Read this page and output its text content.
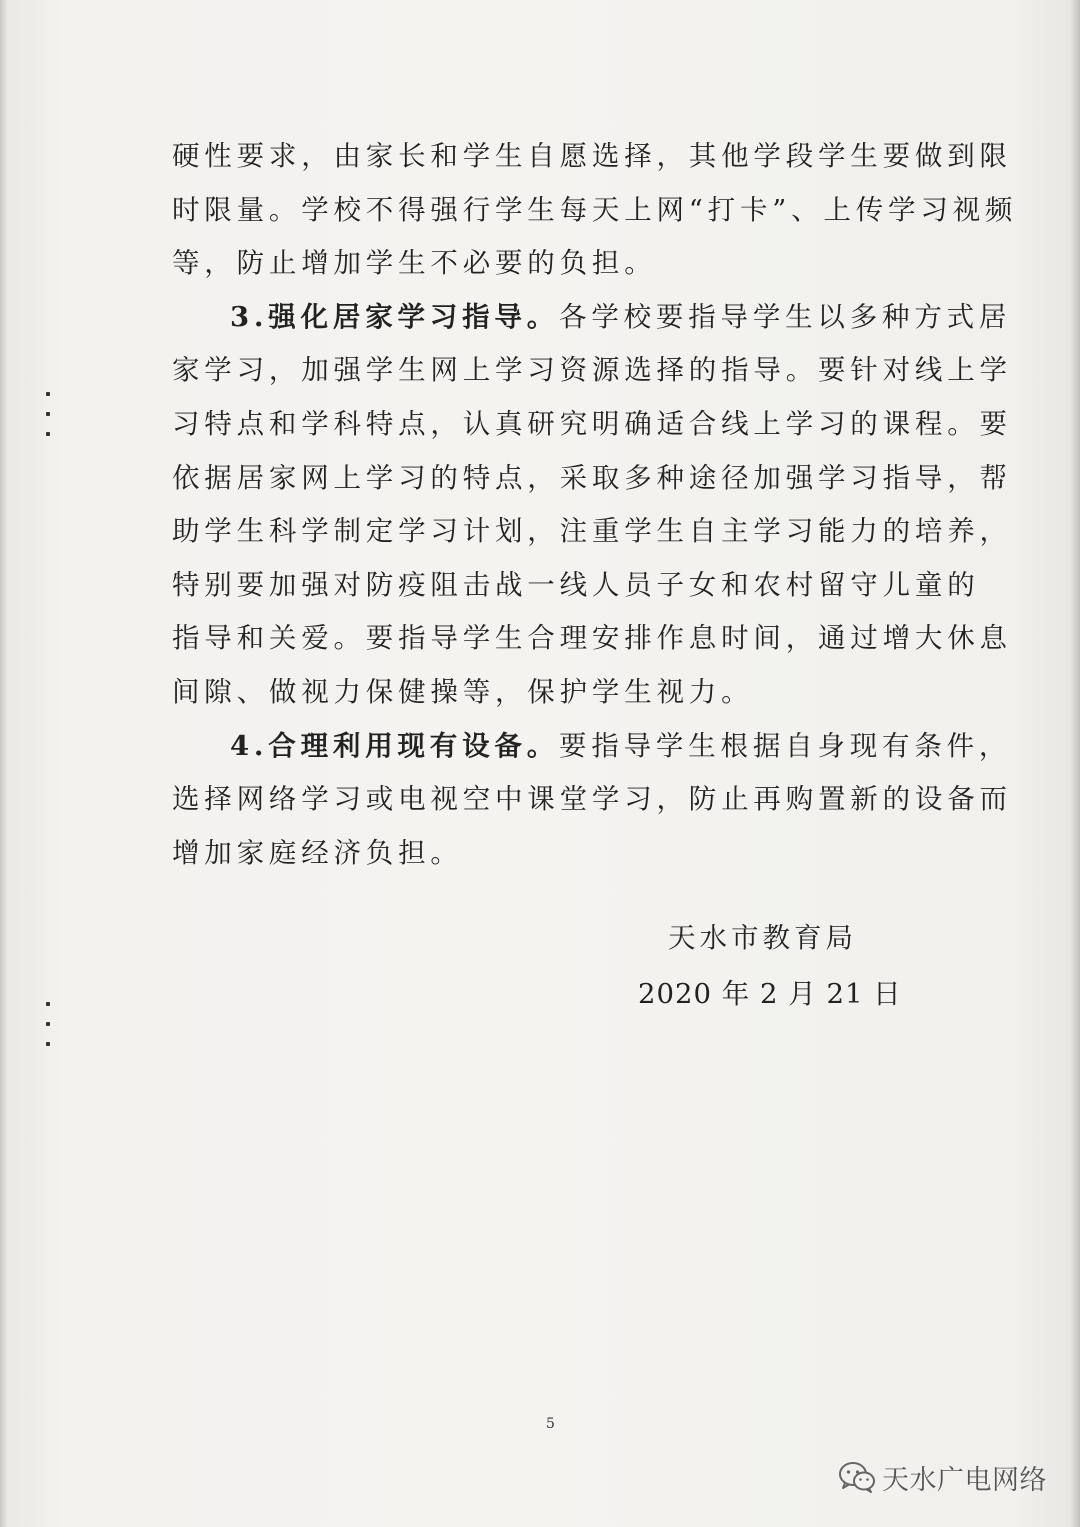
硬性要求，由家长和学生自愿选择，其他学段学生要做到限
时限量。学校不得强行学生每天上网“打卡”、上传学习视频
等，防止增加学生不必要的负担。
3.强化居家学习指导。各学校要指导学生以多种方式居
家学习，加强学生网上学习资源选择的指导。要针对线上学
习特点和学科特点，认真研究明确适合线上学习的课程。要
依据居家网上学习的特点，采取多种途径加强学习指导，帮
助学生科学制定学习计划，注重学生自主学习能力的培养，
特别要加强对防疫阻击战一线人员子女和农村留守儿童的
指导和关爱。要指导学生合理安排作息时间，通过增大休息
间隙、做视力保健操等，保护学生视力。
4.合理利用现有设备。要指导学生根据自身现有条件，
选择网络学习或电视空中课堂学习，防止再购置新的设备而
增加家庭经济负担。
天水市教育局
2020 年 2 月 21 日
5
天水广电网络
